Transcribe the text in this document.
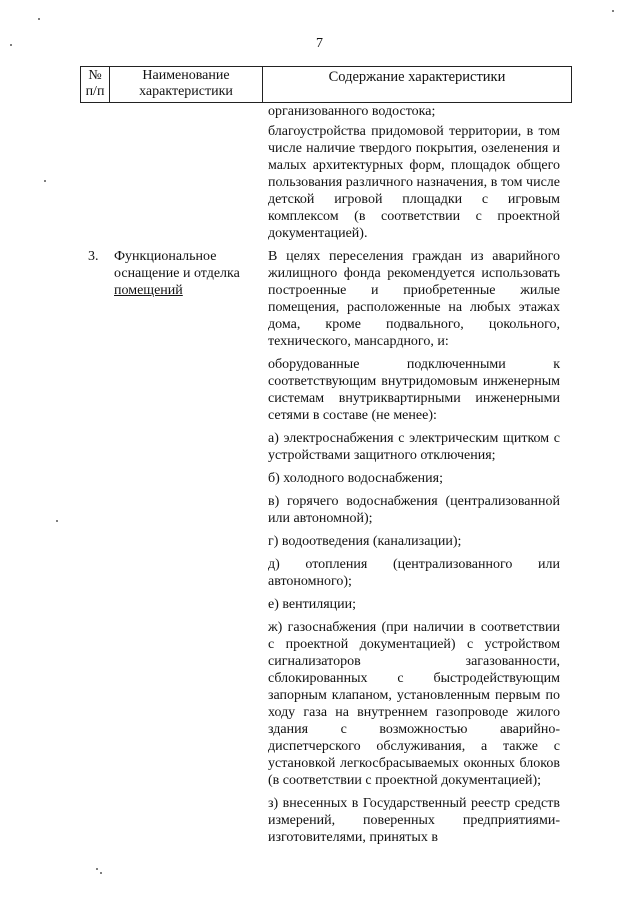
7
№
п/п
Наименование
характеристики
Содержание характеристики

организованного водостока;

благоустройства придомовой территории, в том числе наличие твердого покрытия, озеленения и малых архитектурных форм, площадок общего пользования различного назначения, в том числе детской игровой площадки с игровым комплексом (в соответствии с проектной документацией).

3.	Функциональное
оснащение и отделка
помещений

В целях переселения граждан из аварийного жилищного фонда рекомендуется использовать построенные и приобретенные жилые помещения, расположенные на любых этажах дома, кроме подвального, цокольного, технического, мансардного, и:

оборудованные подключенными к соответствующим внутридомовым инженерным системам внутриквартирными инженерными сетями в составе (не менее):

а) электроснабжения с электрическим щитком с устройствами защитного отключения;

б) холодного водоснабжения;

в) горячего водоснабжения (централизованной или автономной);

г) водоотведения (канализации);

д) отопления (централизованного или автономного);

е) вентиляции;

ж) газоснабжения (при наличии в соответствии с проектной документацией) с устройством сигнализаторов загазованности, сблокированных с быстродействующим запорным клапаном, установленным первым по ходу газа на внутреннем газопроводе жилого здания с возможностью аварийно-диспетчерского обслуживания, а также с установкой легкосбрасываемых оконных блоков (в соответствии с проектной документацией);

з) внесенных в Государственный реестр средств измерений, поверенных предприятиями-изготовителями, принятых в
